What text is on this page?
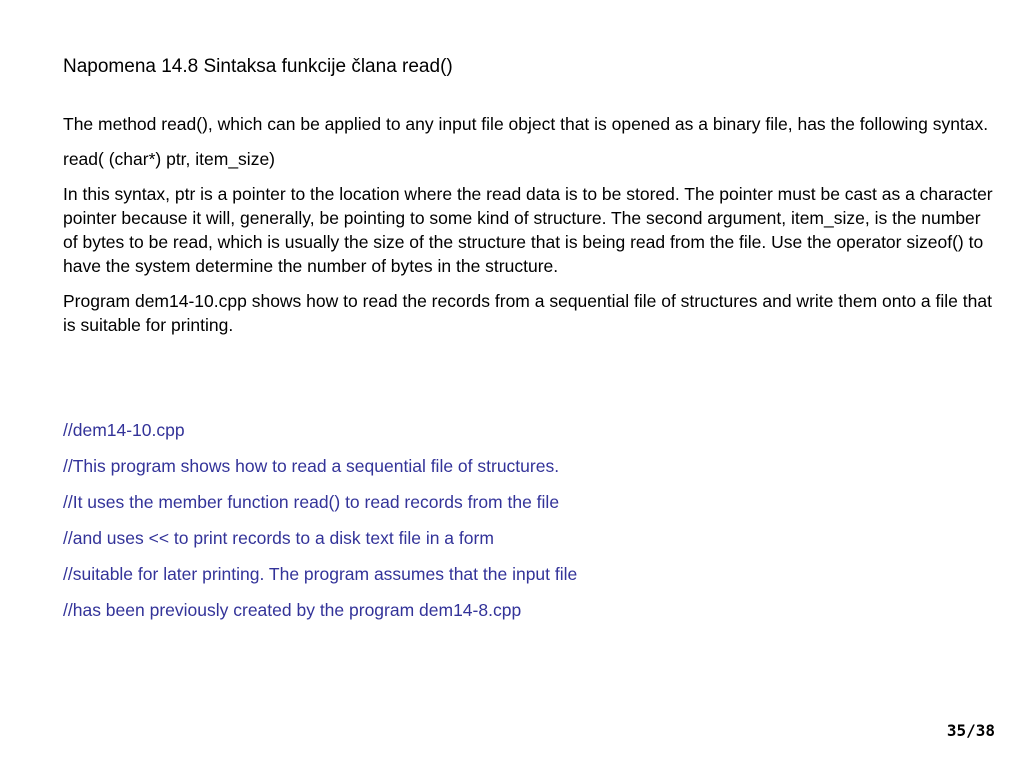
Napomena 14.8 Sintaksa funkcije člana read()

The method read(), which can be applied to any input file object that is opened as a binary file, has the following syntax.

read( (char*) ptr, item_size)

In this syntax, ptr is a pointer to the location where the read data is to be stored. The pointer must be cast as a character pointer because it will, generally, be pointing to some kind of structure. The second argument, item_size, is the number of bytes to be read, which is usually the size of the structure that is being read from the file. Use the operator sizeof() to have the system determine the number of bytes in the structure.

Program dem14-10.cpp shows how to read the records from a sequential file of structures and write them onto a file that is suitable for printing.

//dem14-10.cpp
//This program shows how to read a sequential file of structures.
//It uses the member function read() to read records from the file
//and uses << to print records to a disk text file in a form
//suitable for later printing. The program assumes that the input file
//has been previously created by the program dem14-8.cpp
35/38
